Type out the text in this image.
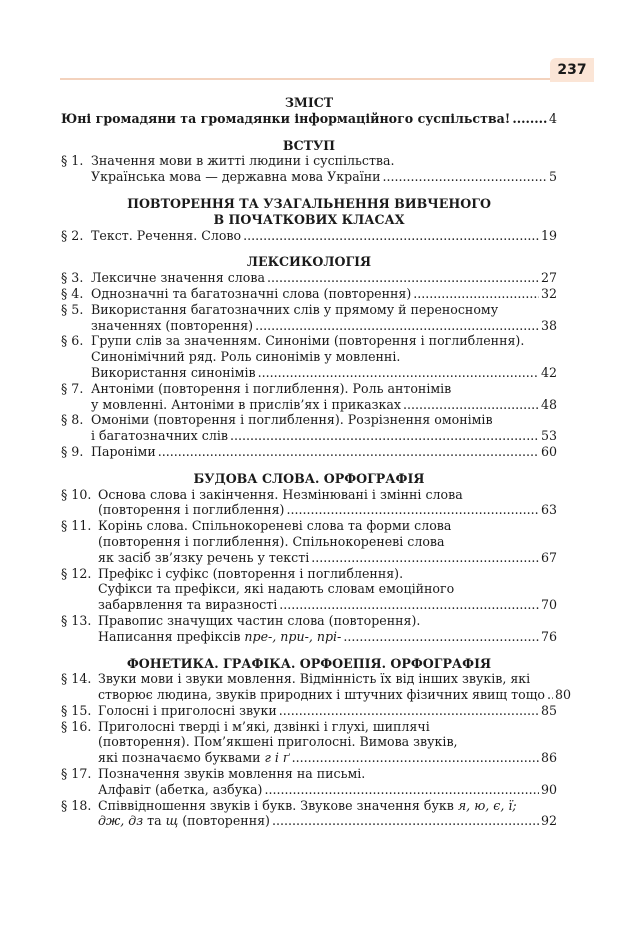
237
ЗМІСТ
Юні громадяни та громадянки інформаційного суспільства! .....	4
ВСТУП
§ 1. Значення мови в житті людини і суспільства.
Українська мова — державна мова України .....	5
ПОВТОРЕННЯ ТА УЗАГАЛЬНЕННЯ ВИВЧЕНОГО
В ПОЧАТКОВИХ КЛАСАХ
§ 2. Текст. Речення. Слово .....	19
ЛЕКСИКОЛОГІЯ
§ 3. Лексичне значення слова .....	27
§ 4. Однозначні та багатозначні слова (повторення) .....	32
§ 5. Використання багатозначних слів у прямому й переносному
значеннях (повторення) .....	38
§ 6. Групи слів за значенням. Синоніми (повторення і поглиблення).
Синонімічний ряд. Роль синонімів у мовленні.
Використання синонімів .....	42
§ 7. Антоніми (повторення і поглиблення). Роль антонімів
у мовленні. Антоніми в прислів’ях і приказках .....	48
§ 8. Омоніми (повторення і поглиблення). Розрізнення омонімів
і багатозначних слів .....	53
§ 9. Пароніми .....	60
БУДОВА СЛОВА. ОРФОГРАФІЯ
§ 10. Основа слова і закінчення. Незмінювані і змінні слова
(повторення і поглиблення) .....	63
§ 11. Корінь слова. Спільнокореневі слова та форми слова
(повторення і поглиблення). Спільнокореневі слова
як засіб зв’язку речень у тексті .....	67
§ 12. Префікс і суфікс (повторення і поглиблення).
Суфікси та префікси, які надають словам емоційного
забарвлення та виразності .....	70
§ 13. Правопис значущих частин слова (повторення).
Написання префіксів пре-, при-, прі- .....	76
ФОНЕТИКА. ГРАФІКА. ОРФОЕПІЯ. ОРФОГРАФІЯ
§ 14. Звуки мови і звуки мовлення. Відмінність їх від інших звуків, які
створює людина, звуків природних і штучних фізичних явищ тощо ..... 80
§ 15. Голосні і приголосні звуки .....	85
§ 16. Приголосні тверді і м’які, дзвінкі і глухі, шиплячі
(повторення). Пом’якшені приголосні. Вимова звуків,
які позначаємо буквами г і ґ .....	86
§ 17. Позначення звуків мовлення на письмі.
Алфавіт (абетка, азбука) .....	90
§ 18. Співвідношення звуків і букв. Звукове значення букв я, ю, є, ї;
дж, дз та щ (повторення) .....	92
